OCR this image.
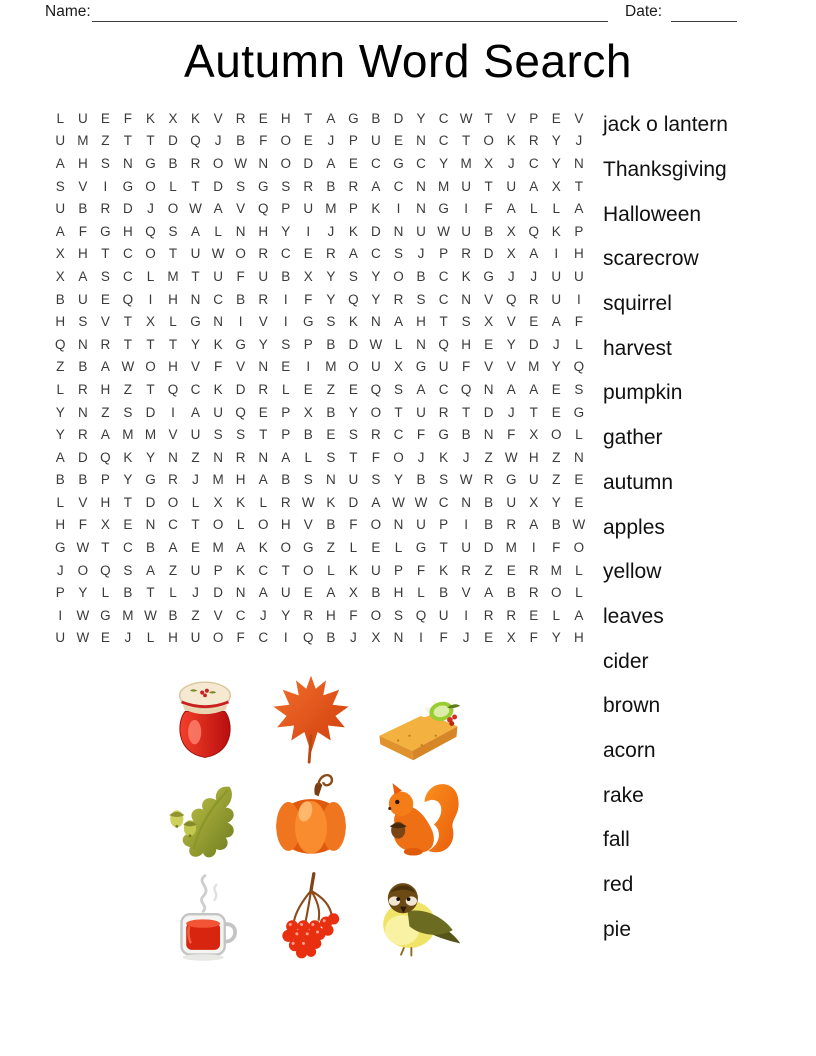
Name:	Date:
Autumn Word Search
L	U E	F	K	X	K	V R E H	T	A G B D Y C W T	V	P	E	V
U M Z	T	T	D Q	J	B	F O E	J	P U E N C	T O K R Y	J
A H S N G B R O W N O D A	E C G C Y M X	J	C Y N
S	V	I	G O	L	T	D S G S R B R A C N M U	T	U A	X	T
U B R D	J	O W A	V Q P U M P	K	I	N G	I	F	A	L	L	A
A	F G H Q S	A	L	N H Y	I	J	K D N U W U B	X Q K	P
X H	T	C O T	U W O R C E R A C S	J	P R D X	A	I	H
X	A	S C	L M T	U	F	U B	X	Y	S	Y O B C K G	J	J	U U
B U E Q	I	H N C B R	I	F	Y Q Y R S C N V Q R U	I
H S	V	T	X	L	G N	I	V	I	G S	K N A H	T	S	X	V	E	A	F
Q N R	T	T	T	Y	K G Y	S	P	B D W L	N Q H E	Y D	J	L
Z	B	A W O H V	F	V N E	I	M O U X G U	F	V	V M Y Q
L	R H	Z	T Q C K D R	L	E	Z	E Q S	A C Q N A	A	E	S
Y N	Z	S D	I	A U Q E	P	X	B	Y O T	U R	T	D	J	T	E G
Y R A M M V U S	S	T	P	B	E	S R C	F G B N	F	X O	L
A D Q K	Y N	Z	N R N A	L	S	T	F O	J	K	J	Z W H	Z	N
B	B	P	Y G R	J	M H A	B	S N U S	Y	B	S W R G U	Z	E
L	V H	T	D O	L	X	K	L	R W K D A W W C N B U X	Y	E
H	F	X	E N C	T O	L	O H V	B	F O N U P	I	B R A	B W
G W T	C B	A	E M A	K O G Z	L	E	L	G T	U D M	I	F O
J	O Q S	A	Z	U P	K C	T O	L	K U P	F	K R	Z	E R M L
P	Y	L	B	T	L	J	D N A U E	A	X	B H	L	B	V	A	B R O	L
I	W G M W B	Z	V C	J	Y R H	F O S Q U	I	R R E	L	A
U W E	J	L	H U O F	C	I	Q B	J	X N	I	F	J	E	X	F	Y H
jack o lantern
Thanksgiving
Halloween
scarecrow
squirrel
harvest
pumpkin
gather
autumn
apples
yellow
leaves
cider
brown
acorn
rake
fall
red
pie
